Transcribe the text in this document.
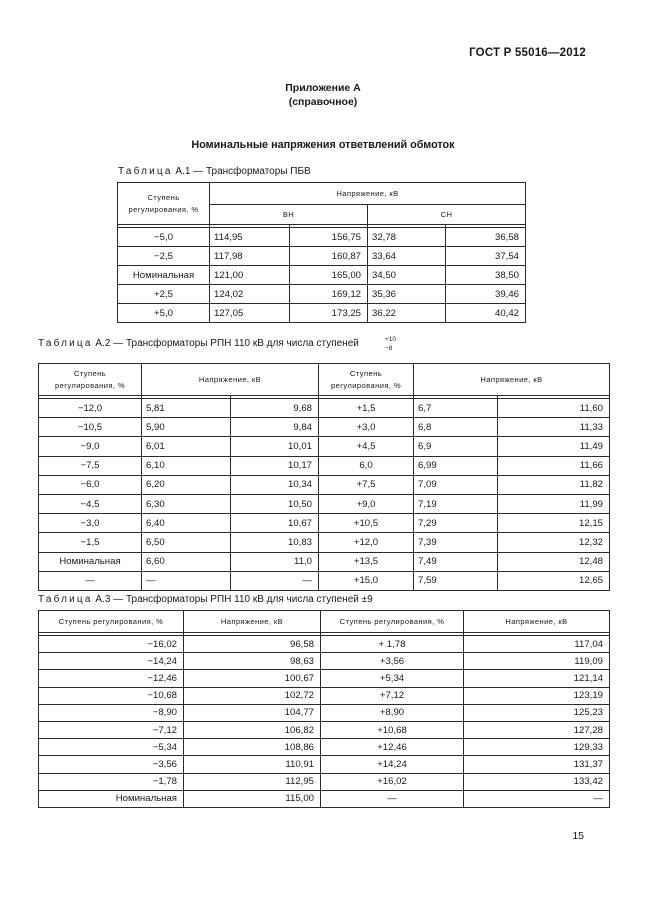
ГОСТ Р 55016—2012
Приложение А
(справочное)
Номинальные напряжения ответвлений обмоток
Таблица А.1 — Трансформаторы ПБВ
Ступень регулирования, %	Напряжение, кВ			
	ВН		СН	

−5,0	114,95	156,75	32,78	36,58
−2,5	117,98	160,87	33,64	37,54
Номинальная	121,00	165,00	34,50	38,50
+2,5	124,02	169,12	35,36	39,46
+5,0	127,05	173,25	36,22	40,42
Таблица А.2 — Трансформаторы РПН 110 кВ для числа ступеней	+10
−8
Ступень регулирования, %	Напряжение, кВ		Ступень регулирования, %	Напряжение, кВ	

−12,0	5,81	9,68	+1,5	6,7	11,60
−10,5	5,90	9,84	+3,0	6,8	11,33
−9,0	6,01	10,01	+4,5	6,9	11,49
−7,5	6,10	10,17	6,0	6,99	11,66
−6,0	6,20	10,34	+7,5	7,09	11,82
−4,5	6,30	10,50	+9,0	7,19	11,99
−3,0	6,40	10,67	+10,5	7,29	12,15
−1,5	6,50	10,83	+12,0	7,39	12,32
Номинальная	6,60	11,0	+13,5	7,49	12,48
—	—	—	+15,0	7,59	12,65
Таблица А.3 — Трансформаторы РПН 110 кВ для числа ступеней ±9
Ступень регулирования, %	Напряжение, кВ	Ступень регулирования, %	Напряжение, кВ

−16,02	96,58	+ 1,78	117,04
−14,24	98,63	+3,56	119,09
−12,46	100,67	+5,34	121,14
−10,68	102,72	+7,12	123,19
−8,90	104,77	+8,90	125,23
−7,12	106,82	+10,68	127,28
−5,34	108,86	+12,46	129,33
−3,56	110,91	+14,24	131,37
−1,78	112,95	+16,02	133,42
Номинальная	115,00	—	—
15
